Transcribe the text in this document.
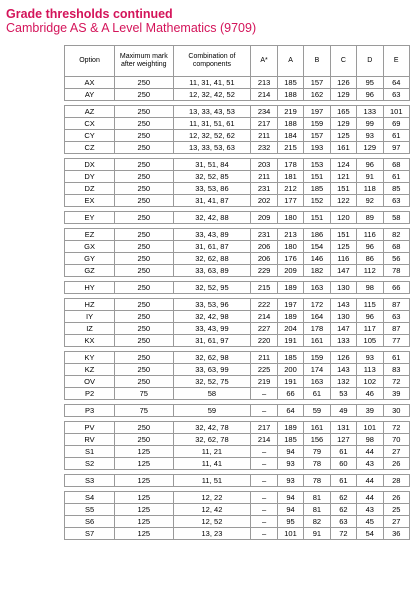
Grade thresholds continued
Cambridge AS & A Level Mathematics (9709)
Option	Maximum mark after weighting	Combination of components	A*	A	B	C	D	E
AX	250	11, 31, 41, 51	213	185	157	126	95	64
AY	250	12, 32, 42, 52	214	188	162	129	96	63

AZ	250	13, 33, 43, 53	234	219	197	165	133	101
CX	250	11, 31, 51, 61	217	188	159	129	99	69
CY	250	12, 32, 52, 62	211	184	157	125	93	61
CZ	250	13, 33, 53, 63	232	215	193	161	129	97

DX	250	31, 51, 84	203	178	153	124	96	68
DY	250	32, 52, 85	211	181	151	121	91	61
DZ	250	33, 53, 86	231	212	185	151	118	85
EX	250	31, 41, 87	202	177	152	122	92	63

EY	250	32, 42, 88	209	180	151	120	89	58

EZ	250	33, 43, 89	231	213	186	151	116	82
GX	250	31, 61, 87	206	180	154	125	96	68
GY	250	32, 62, 88	206	176	146	116	86	56
GZ	250	33, 63, 89	229	209	182	147	112	78

HY	250	32, 52, 95	215	189	163	130	98	66

HZ	250	33, 53, 96	222	197	172	143	115	87
IY	250	32, 42, 98	214	189	164	130	96	63
IZ	250	33, 43, 99	227	204	178	147	117	87
KX	250	31, 61, 97	220	191	161	133	105	77

KY	250	32, 62, 98	211	185	159	126	93	61
KZ	250	33, 63, 99	225	200	174	143	113	83
OV	250	32, 52, 75	219	191	163	132	102	72
P2	75	58	–	66	61	53	46	39

P3	75	59	–	64	59	49	39	30

PV	250	32, 42, 78	217	189	161	131	101	72
RV	250	32, 62, 78	214	185	156	127	98	70
S1	125	11, 21	–	94	79	61	44	27
S2	125	11, 41	–	93	78	60	43	26

S3	125	11, 51	–	93	78	61	44	28

S4	125	12, 22	–	94	81	62	44	26
S5	125	12, 42	–	94	81	62	43	25
S6	125	12, 52	–	95	82	63	45	27
S7	125	13, 23	–	101	91	72	54	36
